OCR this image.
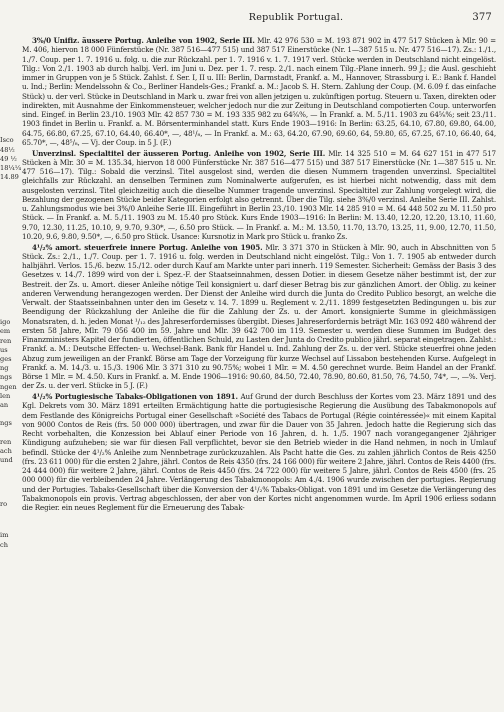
Republik Portugal.	377
Isco
48½
49 ½
18¼¼
14.89
igo
em
ren
us
ges
ng
ngs
ngen
len
an
ngs
ren
ach
und
ro
im
ch

3%/0 Unifiz. äussere Portug. Anleihe von 1902, Serie III. Mlr. 42 976 530 = M. 193 871 902 in 477 517 Stücken à Mlr. 90 = M. 406, hiervon 18 000 Fünferstücke (Nr. 387 516—477 515) und 387 517 Einerstücke (Nr. 1—387 515 u. Nr. 477 516—17). Zs.: 1./1., 1./7. Coup. per 1. 7. 1916 u. folg. u. die zur Rückzahl. per 1. 7. 1916 v. 1. 7. 1917 verl. Stücke werden in Deutschland nicht eingelöst. Tilg.: Von 2./1. 1903 ab durch halbj. Verl. im Juni u. Dez. per 1. 7. resp. 2./1. nach einem Tilg.-Plane innerh. 99 J.; die Ausl. geschieht immer in Gruppen von je 5 Stück. Zahlst. f. Ser. I, II u. III: Berlin, Darmstadt, Frankf. a. M., Hannover, Strassburg i. E.: Bank f. Handel u. Ind.; Berlin: Mendelssohn & Co., Berliner Handels-Ges.; Frankf. a. M.: Jacob S. H. Stern. Zahlung der Coup. (M. 6.09 f. das einfache Stück) u. der verl. Stücke in Deutschland in Mark u. zwar frei von allen jetzigen u. zukünftigen portug. Steuern u. Taxen, direkten oder indirekten, mit Ausnahme der Einkommensteuer, welcher jedoch nur die zur Zeitung in Deutschland compotierten Coup. unterworfen sind. Eingef. in Berlin 23./10. 1903 Mlr. 42 857 730 = M. 193 335 982 zu 64⁵⁄₈%, — In Frankf. a. M. 5./11. 1903 zu 64⁵⁄₈%; seit 23./11. 1903 findet in Berlin u. Frankf. a. M. Börsenterminhandel statt. Kurs Ende 1903—1916: In Berlin: 63.25, 64.10, 67.80, 69.80, 64.00, 64.75, 66.80, 67.25, 67.10, 64.40, 66.40*, —, 48¹/₈, — In Frankf. a. M.: 63, 64.20, 67.90, 69.60, 64, 59.80, 65, 67.25, 67.10, 66.40, 64, 65.70*, —, 48⁵/₈, — Vj. der Coup. in 5 J. (F.)

Unverzinsl. Specialtitel der äusseren Portug. Anleihe von 1902, Serie III. Mlr. 14 325 510 = M. 64 627 151 in 477 517 Stücken à Mlr. 30 = M. 135.34, hiervon 18 000 Fünferstücke Nr. 387 516—477 515) und 387 517 Einerstücke (Nr. 1—387 515 u. Nr. 477 516—17). Tilg.: Sobald die verzinsl. Titel ausgelost sind, werden die diesen Nummern tragenden unverzinsl. Specialtitel gleichfalls zur Rückzahl. an denselben Terminen zum Nominalwerte aufgerufen, es ist hierbei nicht notwendig, dass mit dem ausgelosten verzinsl. Titel gleichzeitig auch die dieselbe Nummer tragende unverzinsl. Specialtitel zur Zahlung vorgelegt wird, die Bezahlung der gezogenen Stücke beider Kategorien erfolgt also getrennt. Über die Tilg. siehe 3%/0 verzinsl. Anleihe Serie III. Zahlst. u. Zahlungsmodus wie bei 3%/0 Anleihe Serie III. Eingeführt in Berlin 23./10. 1903 Mlr. 14 285 910 = M. 64 448 502 zu M. 11.50 pro Stück. — In Frankf. a. M. 5./11. 1903 zu M. 15.40 pro Stück. Kurs Ende 1903—1916: In Berlin: M. 13.40, 12.20, 12.20, 13.10, 11.60, 9.70, 12.30, 11.25, 10.10, 9, 9.70, 9.30*, —, 6.50 pro Stück. — In Frankf. a. M.: M. 13.50, 11.70, 13.70, 13.25, 11, 9.00, 12.70, 11.50, 10.20, 9.6, 9.80, 9.50*, —, 6.50 pro Stück. Usance: Kursnotiz in Mark pro Stück u. franko Zs.

4¹/₂% amort. steuerfreie innere Portug. Anleihe von 1905. Mlr. 3 371 370 in Stücken à Mlr. 90, auch in Abschnitten von 5 Stück. Zs.: 2./1., 1./7. Coup. per 1. 7. 1916 u. folg. werden in Deutschland nicht eingelöst. Tilg.: Von 1. 7. 1905 ab entweder durch halbjährl. Verlos. 15./6. bezw. 15./12. oder durch Kauf am Markte unter pari innerh. 119 Semester. Sicherheit: Gemäss der Basis 3 des Gesetzes v. 14./7. 1899 wird von der i. Spez.-F. der Staatseinnahmen, dessen Dotier. in diesem Gesetze näher bestimmt ist, der zur Bestreit. der Zs. u. Amort. dieser Anleihe nötige Teil konsigniert u. darf dieser Betrag bis zur gänzlichen Amort. der Oblig. zu keiner anderen Verwendung herangezogen werden. Der Dienst der Anleihe wird durch die Junta do Credito Publico besorgt, an welche die Verwalt. der Staatsseinbahnen unter den im Gesetz v. 14. 7. 1899 u. Reglement v. 2./11. 1899 festgesetzten Bedingungen u. bis zur Beendigung der Rückzahlung der Anleihe die für die Zahlung der Zs. u. der Amort. konsignierte Summe in gleichmässigen Monatsraten, d. h. jeden Monat ¹/₁₂ des Jahreserfordernisses übergibt. Dieses Jahreserfordernis beträgt Mlr. 163 092 480 während der ersten 58 Jahre, Mlr. 79 056 400 im 59. Jahre und Mlr. 39 642 700 im 119. Semester u. werden diese Summen im Budget des Finanzministers Kapitel der fundierten, öffentlichen Schuld, zu Lasten der Junta do Credito publico jährl. separat eingetragen. Zahlst.: Frankf. a. M.: Deutsche Effecten- u. Wechsel-Bank. Bank für Handel u. Ind. Zahlung der Zs. u. der verl. Stücke steuerfrei ohne jeden Abzug zum jeweiligen an der Frankf. Börse am Tage der Vorzeigung für kurze Wechsel auf Lissabon bestehenden Kurse. Aufgelegt in Frankf. a. M. 14./3. u. 15./3. 1906 Mlr. 3 371 310 zu 90.75%; wobei 1 Mlr. = M. 4.50 gerechnet wurde. Beim Handel an der Frankf. Börse 1 Mlr. = M. 4.50. Kurs in Frankf. a. M. Ende 1906—1916: 90.60, 84.50, 72.40, 78.90, 80.60, 81.50, 76, 74.50, 74*, —, —%. Verj. der Zs. u. der verl. Stücke in 5 J. (F.)

4¹/₂% Portugiesische Tabaks-Obligationen von 1891. Auf Grund der durch Beschluss der Kortes vom 23. März 1891 und des Kgl. Dekrets vom 30. März 1891 erteilten Ermächtigung hatte die portugiesische Regierung die Ausübung des Tabakmonopols auf dem Festlande des Königreichs Portugal einer Gesellschaft »Société des Tabacs de Portugal (Régie cointéressée)« mit einem Kapital von 9000 Contos de Reis (frs. 50 000 000) übertragen, und zwar für die Dauer von 35 Jahren. Jedoch hatte die Regierung sich das Recht vorbehalten, die Konzession bei Ablauf einer Periode von 16 Jahren, d. h. 1./5. 1907 nach vorangegangener 2jähriger Kündigung aufzuheben; sie war für diesen Fall verpflichtet, bevor sie den Betrieb wieder in die Hand nehmen, in noch in Umlauf befindl. Stücke der 4¹/₂% Anleihe zum Nennbetrage zurückzuzahlen. Als Pacht hatte die Ges. zu zahlen jährlich Contos de Reis 4250 (frs. 23 611 000) für die ersten 2 Jahre, jährl. Contos de Reis 4350 (frs. 24 166 000) für weitere 2 Jahre, jährl. Contos de Reis 4400 (frs. 24 444 000) für weitere 2 Jahre, jährl. Contos de Reis 4450 (frs. 24 722 000) für weitere 5 Jahre, jährl. Contos de Reis 4500 (frs. 25 000 000) für die verbleibenden 24 Jahre. Verlängerung des Tabakmonopols: Am 4./4. 1906 wurde zwischen der portugies. Regierung und der Portugies. Tabaks-Gesellschaft über die Konversion der 4¹/₂% Tabaks-Obligat. von 1891 und im Gesetze die Verlängerung des Tabakmonopols ein provis. Vertrag abgeschlossen, der aber von der Kortes nicht angenommen wurde. Im April 1906 erliess sodann die Regier. ein neues Reglement für die Erneuerung des Tabak-
